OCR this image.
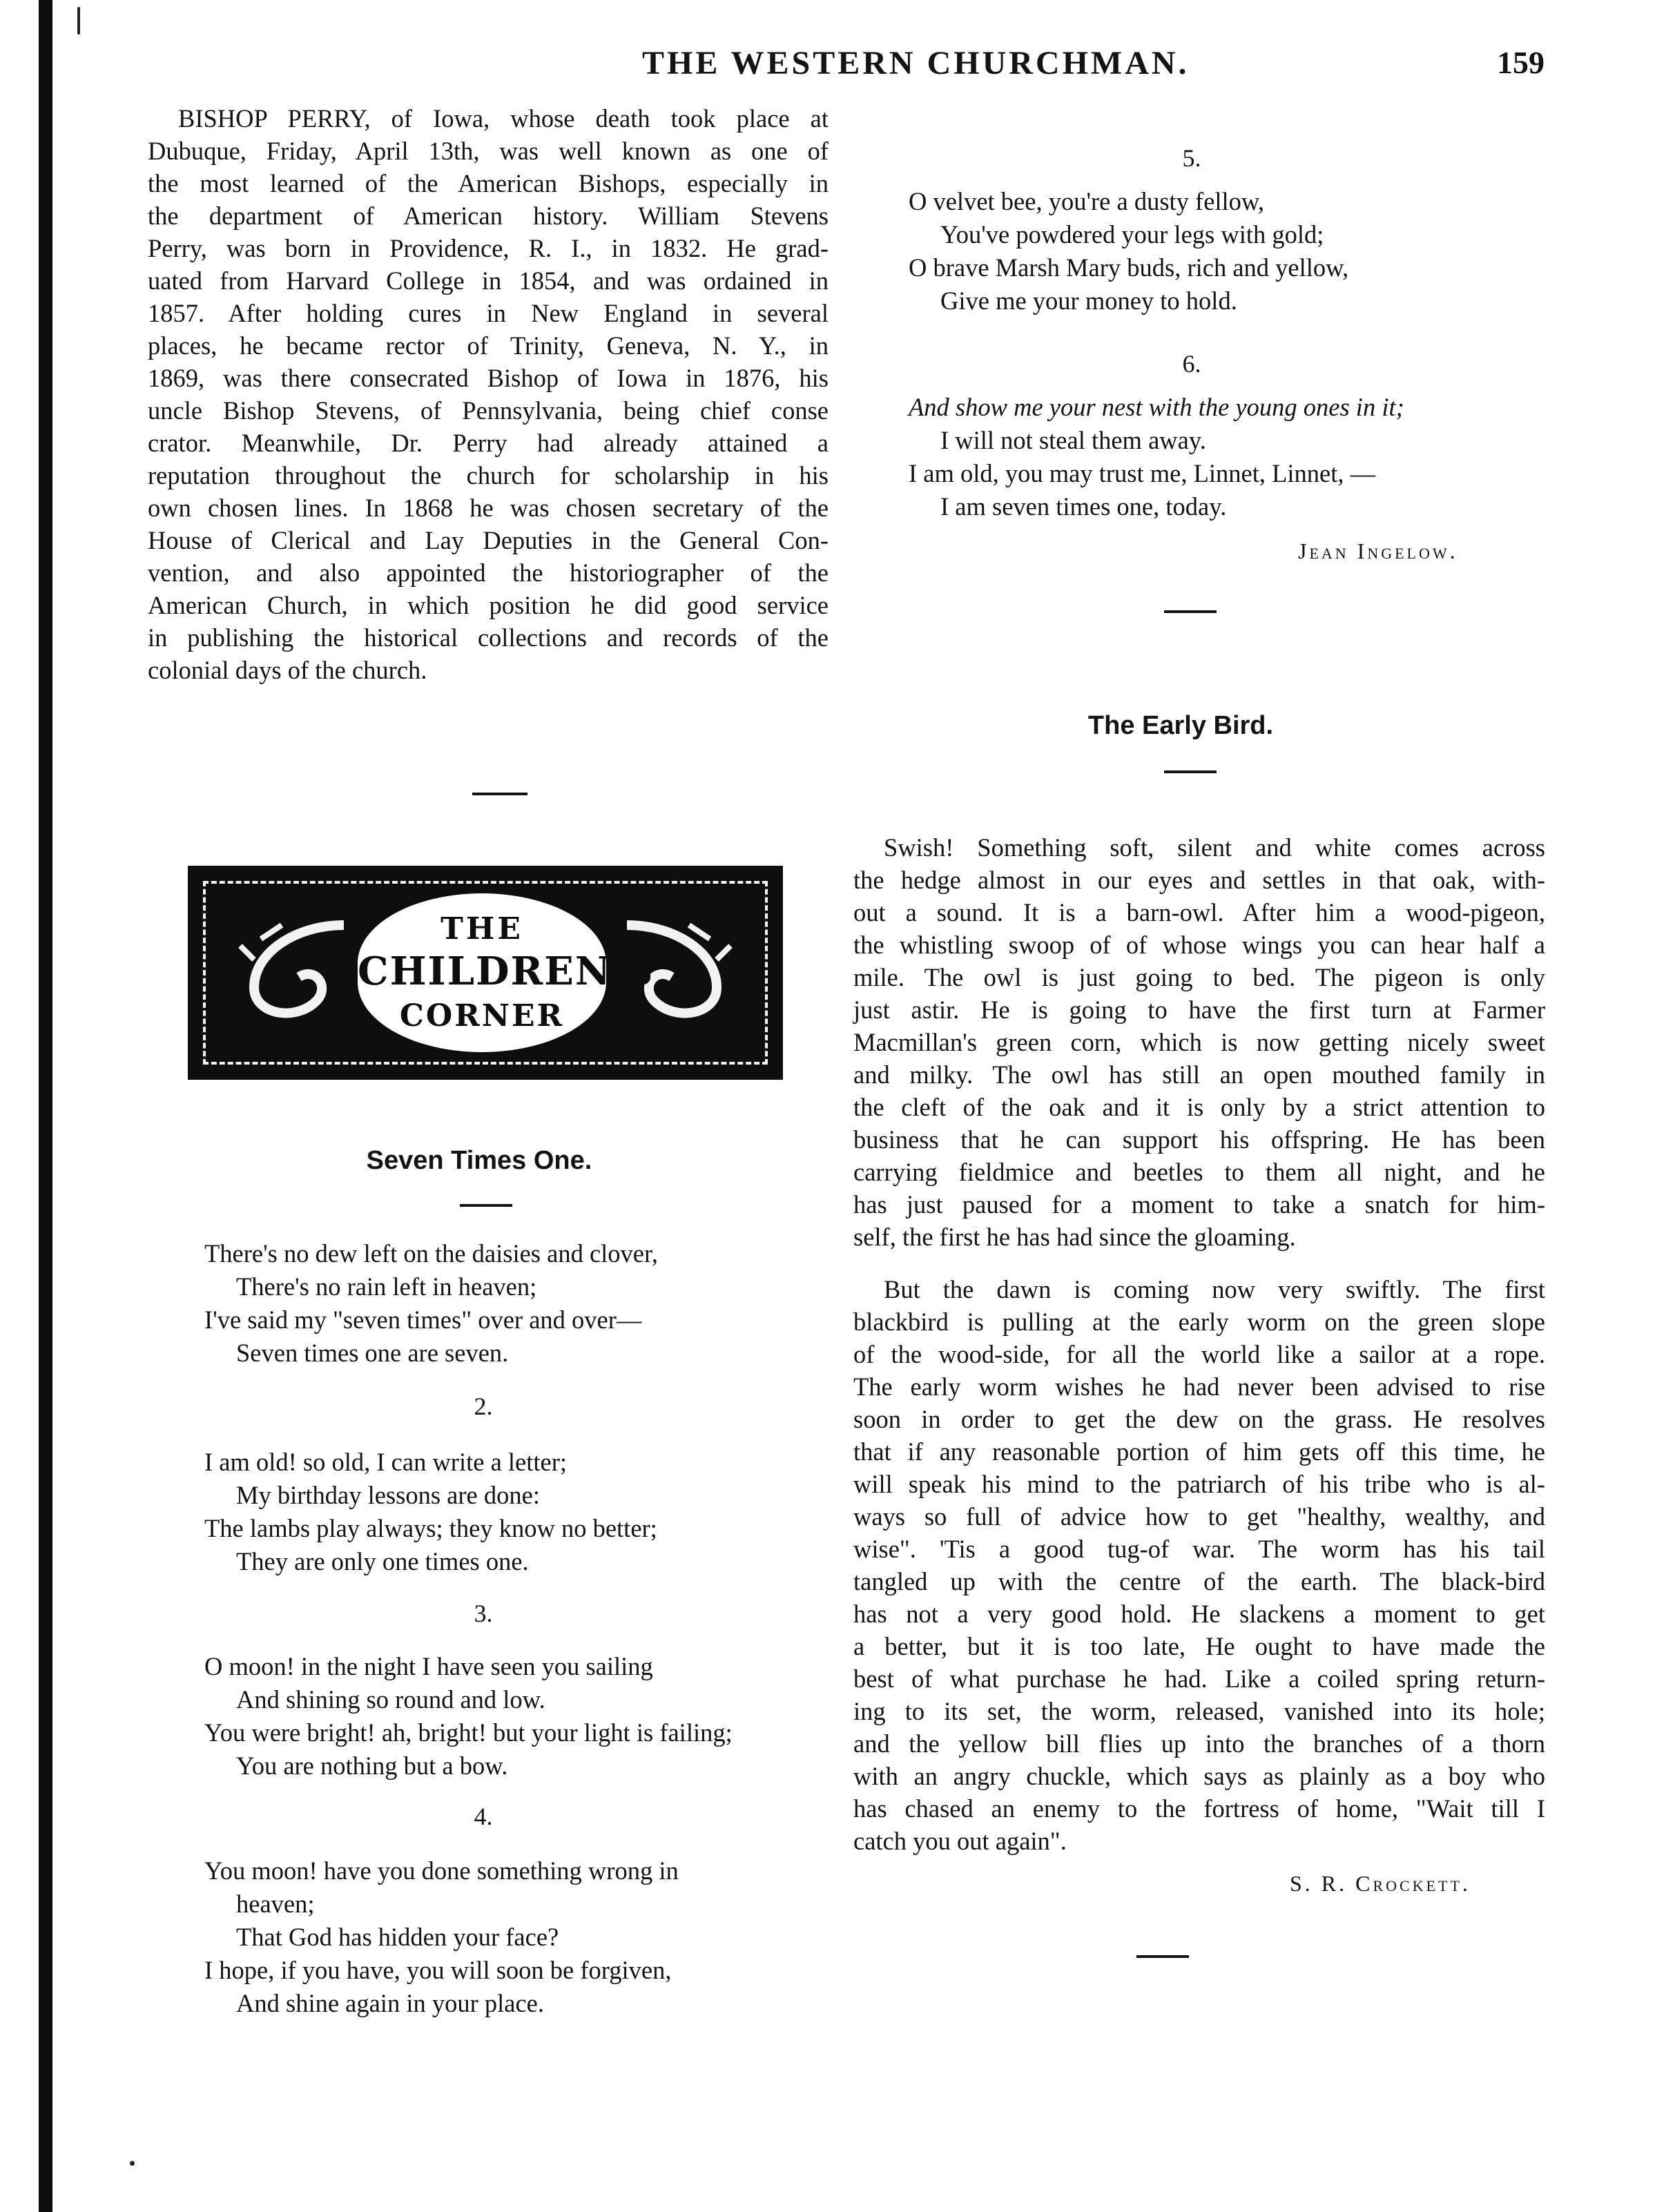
THE WESTERN CHURCHMAN.	159
BISHOP PERRY, of Iowa, whose death took place at
Dubuque, Friday, April 13th, was well known as one of
the most learned of the American Bishops, especially in
the department of American history. William Stevens
Perry, was born in Providence, R. I., in 1832. He grad-
uated from Harvard College in 1854, and was ordained in
1857. After holding cures in New England in several
places, he became rector of Trinity, Geneva, N. Y., in
1869, was there consecrated Bishop of Iowa in 1876, his
uncle Bishop Stevens, of Pennsylvania, being chief conse
crator. Meanwhile, Dr. Perry had already attained a
reputation throughout the church for scholarship in his
own chosen lines. In 1868 he was chosen secretary of the
House of Clerical and Lay Deputies in the General Con-
vention, and also appointed the historiographer of the
American Church, in which position he did good service
in publishing the historical collections and records of the
colonial days of the church.
THE
CHILDREN'S
CORNER
Seven Times One.
There's no dew left on the daisies and clover,
There's no rain left in heaven;
I've said my "seven times" over and over—
Seven times one are seven.
2.
I am old! so old, I can write a letter;
My birthday lessons are done:
The lambs play always; they know no better;
They are only one times one.
3.
O moon! in the night I have seen you sailing
And shining so round and low.
You were bright! ah, bright! but your light is failing;
You are nothing but a bow.
4.
You moon! have you done something wrong in
heaven;
That God has hidden your face?
I hope, if you have, you will soon be forgiven,
And shine again in your place.
5.
O velvet bee, you're a dusty fellow,
You've powdered your legs with gold;
O brave Marsh Mary buds, rich and yellow,
Give me your money to hold.
6.
And show me your nest with the young ones in it;
I will not steal them away.
I am old, you may trust me, Linnet, Linnet, —
I am seven times one, today.
Jean Ingelow.
The Early Bird.
Swish! Something soft, silent and white comes across
the hedge almost in our eyes and settles in that oak, with-
out a sound. It is a barn-owl. After him a wood-pigeon,
the whistling swoop of of whose wings you can hear half a
mile. The owl is just going to bed. The pigeon is only
just astir. He is going to have the first turn at Farmer
Macmillan's green corn, which is now getting nicely sweet
and milky. The owl has still an open mouthed family in
the cleft of the oak and it is only by a strict attention to
business that he can support his offspring. He has been
carrying fieldmice and beetles to them all night, and he
has just paused for a moment to take a snatch for him-
self, the first he has had since the gloaming.
But the dawn is coming now very swiftly. The first
blackbird is pulling at the early worm on the green slope
of the wood-side, for all the world like a sailor at a rope.
The early worm wishes he had never been advised to rise
soon in order to get the dew on the grass. He resolves
that if any reasonable portion of him gets off this time, he
will speak his mind to the patriarch of his tribe who is al-
ways so full of advice how to get "healthy, wealthy, and
wise". 'Tis a good tug-of war. The worm has his tail
tangled up with the centre of the earth. The black-bird
has not a very good hold. He slackens a moment to get
a better, but it is too late, He ought to have made the
best of what purchase he had. Like a coiled spring return-
ing to its set, the worm, released, vanished into its hole;
and the yellow bill flies up into the branches of a thorn
with an angry chuckle, which says as plainly as a boy who
has chased an enemy to the fortress of home, "Wait till I
catch you out again".
S. R. Crockett.
